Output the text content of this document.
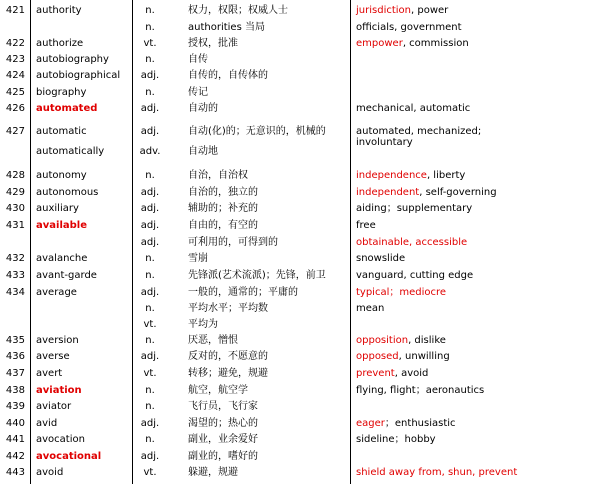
421 authority	n.	权力，权限；权威人士	jurisdiction, power
n.	authorities 当局	officials, government
422 authorize	vt.	授权，批准	empower, commission
423 autobiography	n.	自传
424 autobiographical	adj.	自传的，自传体的
425 biography	n.	传记
426 automated	adj.	自动的	mechanical, automatic
427 automatic	adj.	自动(化)的；无意识的，机械的	automated, mechanized;
involuntary
automatically	adv.	自动地
428 autonomy	n.	自治，自治权	independence, liberty
429 autonomous	adj.	自治的，独立的	independent, self-governing
430 auxiliary	adj.	辅助的；补充的	aiding；supplementary
431 available	adj.	自由的，有空的	free
adj.	可利用的，可得到的	obtainable, accessible
432 avalanche	n.	雪崩	snowslide
433 avant-garde	n.	先锋派(艺术流派)；先锋，前卫	vanguard, cutting edge
434 average	adj.	一般的，通常的；平庸的	typical；mediocre
n.	平均水平；平均数	mean
vt.	平均为
435 aversion	n.	厌恶，憎恨	opposition, dislike
436 averse	adj.	反对的，不愿意的	opposed, unwilling
437 avert	vt.	转移；避免，规避	prevent, avoid
438 aviation	n.	航空，航空学	flying, flight；aeronautics
439 aviator	n.	飞行员，飞行家
440 avid	adj.	渴望的；热心的	eager；enthusiastic
441 avocation	n.	副业，业余爱好	sideline；hobby
442 avocational	adj.	副业的，嗜好的
443 avoid	vt.	躲避，规避	shield away from, shun, prevent
